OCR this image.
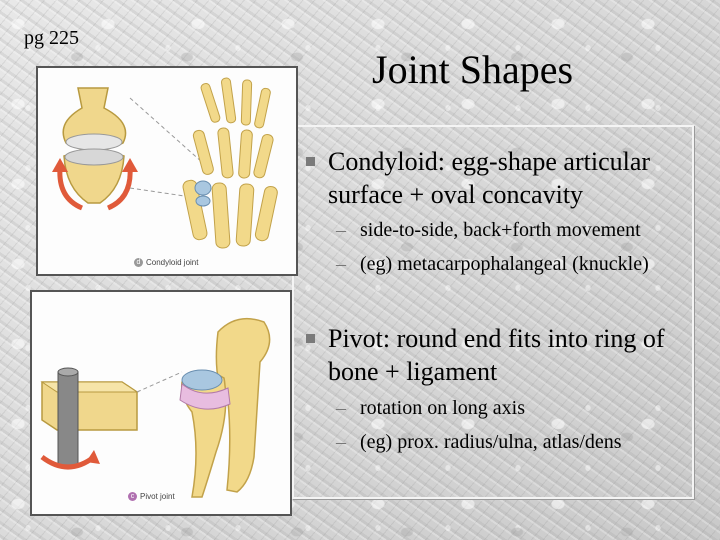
pg 225
Joint Shapes
d Condyloid joint
c Pivot joint
Condyloid: egg-shape articular
surface + oval concavity
– side-to-side, back+forth movement
– (eg) metacarpophalangeal (knuckle)
Pivot: round end fits into ring of
bone + ligament
– rotation on long axis
– (eg) prox. radius/ulna, atlas/dens
